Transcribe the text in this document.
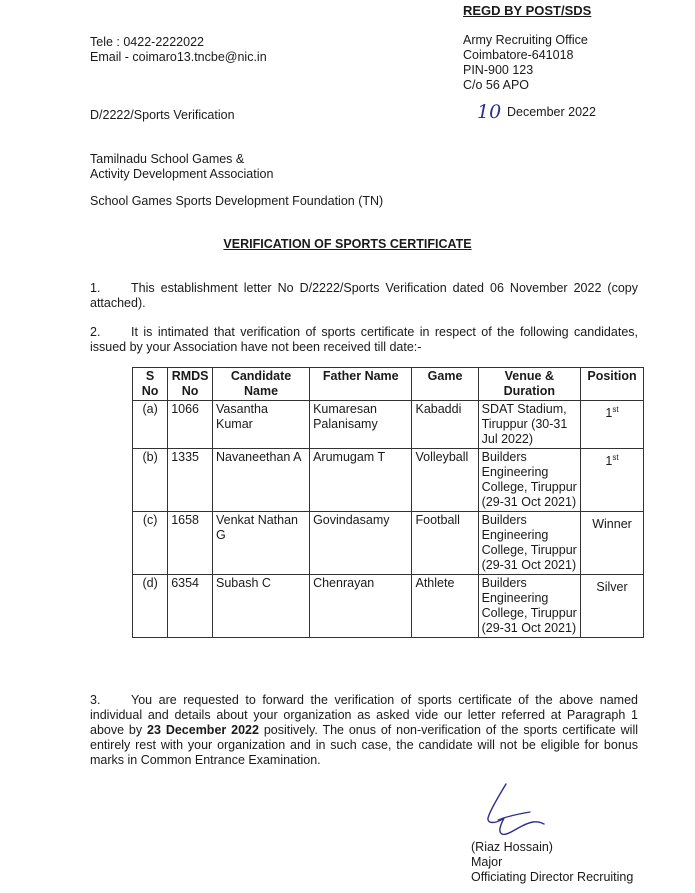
REGD BY POST/SDS
Tele : 0422-2222022
Email - coimaro13.tncbe@nic.in
Army Recruiting Office
Coimbatore-641018
PIN-900 123
C/o 56 APO
D/2222/Sports Verification	10 December 2022
Tamilnadu School Games &
Activity Development Association
School Games Sports Development Foundation (TN)
VERIFICATION OF SPORTS CERTIFICATE
1. This establishment letter No D/2222/Sports Verification dated 06 November 2022 (copy attached).
2. It is intimated that verification of sports certificate in respect of the following candidates, issued by your Association have not been received till date:-
S No	RMDS No	Candidate Name	Father Name	Game	Venue & Duration	Position
(a)	1066	Vasantha Kumar	Kumaresan Palanisamy	Kabaddi	SDAT Stadium, Tiruppur (30-31 Jul 2022)	1st
(b)	1335	Navaneethan A	Arumugam T	Volleyball	Builders Engineering College, Tiruppur (29-31 Oct 2021)	1st
(c)	1658	Venkat Nathan G	Govindasamy	Football	Builders Engineering College, Tiruppur (29-31 Oct 2021)	Winner
(d)	6354	Subash C	Chenrayan	Athlete	Builders Engineering College, Tiruppur (29-31 Oct 2021)	Silver
3. You are requested to forward the verification of sports certificate of the above named individual and details about your organization as asked vide our letter referred at Paragraph 1 above by 23 December 2022 positively. The onus of non-verification of the sports certificate will entirely rest with your organization and in such case, the candidate will not be eligible for bonus marks in Common Entrance Examination.
(Riaz Hossain)
Major
Officiating Director Recruiting
